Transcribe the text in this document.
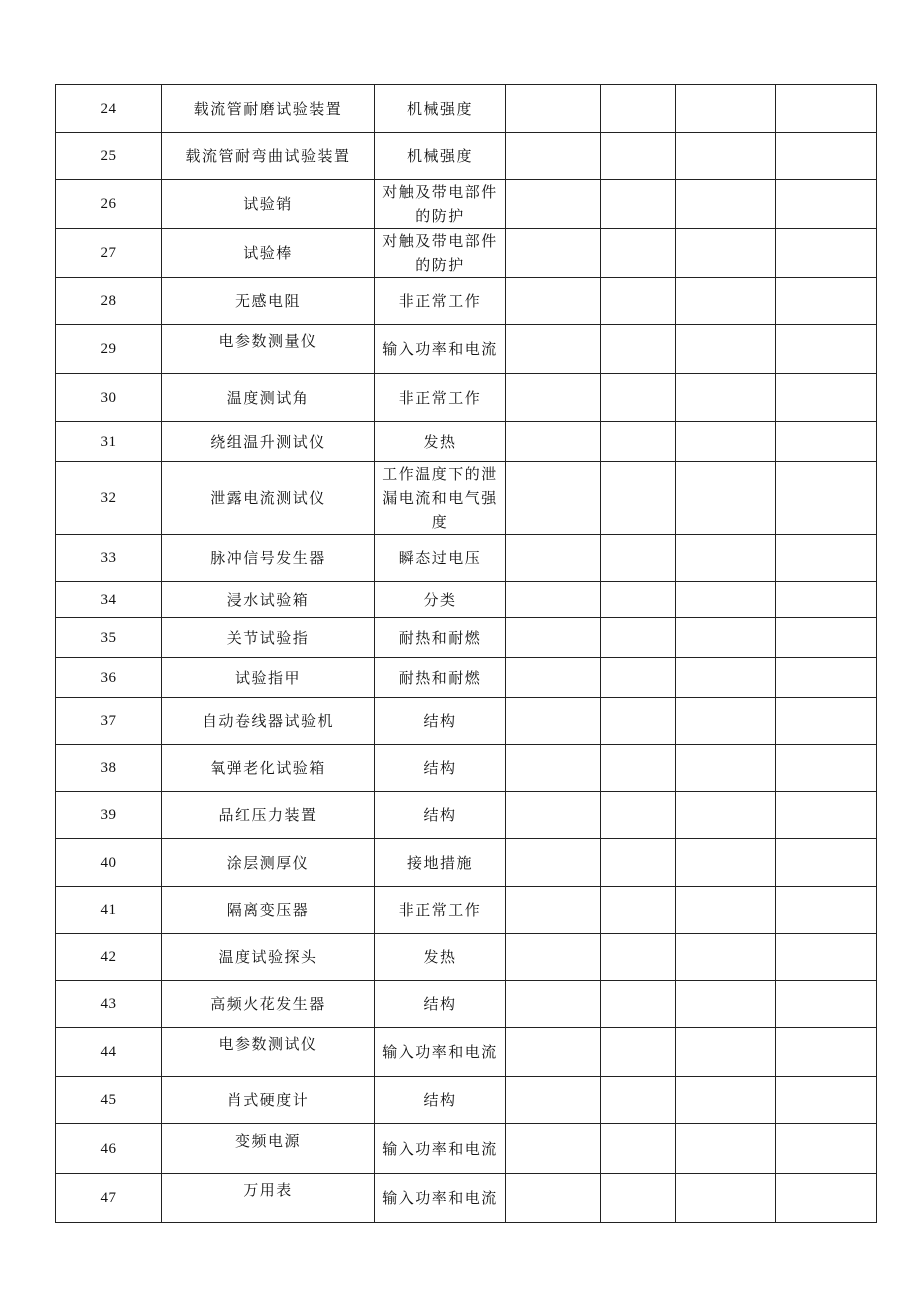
24	载流管耐磨试验装置	机械强度				
25	载流管耐弯曲试验装置	机械强度				
26	试验销	对触及带电部件的防护				
27	试验棒	对触及带电部件的防护				
28	无感电阻	非正常工作				
29	电参数测量仪	输入功率和电流				
30	温度测试角	非正常工作				
31	绕组温升测试仪	发热				
32	泄露电流测试仪	工作温度下的泄漏电流和电气强度				
33	脉冲信号发生器	瞬态过电压				
34	浸水试验箱	分类				
35	关节试验指	耐热和耐燃				
36	试验指甲	耐热和耐燃				
37	自动卷线器试验机	结构				
38	氧弹老化试验箱	结构				
39	品红压力装置	结构				
40	涂层测厚仪	接地措施				
41	隔离变压器	非正常工作				
42	温度试验探头	发热				
43	高频火花发生器	结构				
44	电参数测试仪	输入功率和电流				
45	肖式硬度计	结构				
46	变频电源	输入功率和电流				
47	万用表	输入功率和电流				
